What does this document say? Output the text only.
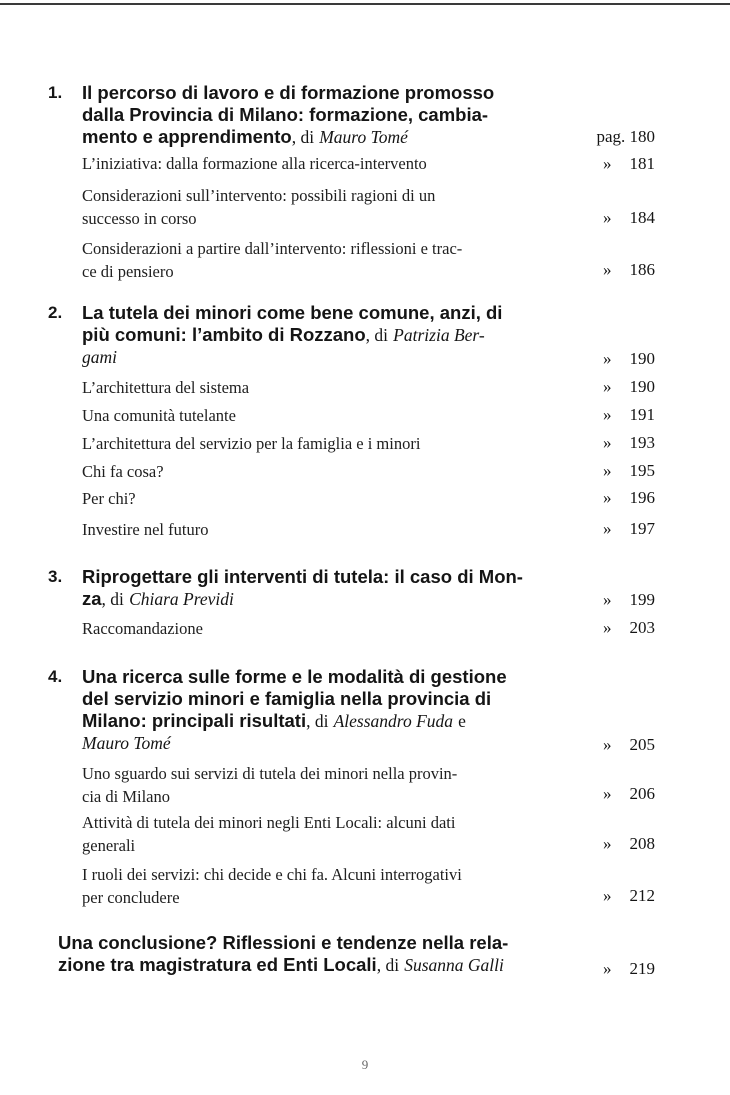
1. Il percorso di lavoro e di formazione promosso
dalla Provincia di Milano: formazione, cambia-
mento e apprendimento, di Mauro Tomé	pag. 180
L’iniziativa: dalla formazione alla ricerca-intervento	» 181
Considerazioni sull’intervento: possibili ragioni di un
successo in corso	» 184
Considerazioni a partire dall’intervento: riflessioni e trac-
ce di pensiero	» 186
2. La tutela dei minori come bene comune, anzi, di
più comuni: l’ambito di Rozzano, di Patrizia Ber-
gami	» 190
L’architettura del sistema	» 190
Una comunità tutelante	» 191
L’architettura del servizio per la famiglia e i minori	» 193
Chi fa cosa?	» 195
Per chi?	» 196
Investire nel futuro	» 197
3. Riprogettare gli interventi di tutela: il caso di Mon-
za, di Chiara Previdi	» 199
Raccomandazione	» 203
4. Una ricerca sulle forme e le modalità di gestione
del servizio minori e famiglia nella provincia di
Milano: principali risultati, di Alessandro Fuda e
Mauro Tomé	» 205
Uno sguardo sui servizi di tutela dei minori nella provin-
cia di Milano	» 206
Attività di tutela dei minori negli Enti Locali: alcuni dati
generali	» 208
I ruoli dei servizi: chi decide e chi fa. Alcuni interrogativi
per concludere	» 212
Una conclusione? Riflessioni e tendenze nella rela-
zione tra magistratura ed Enti Locali, di Susanna Galli	» 219
9
